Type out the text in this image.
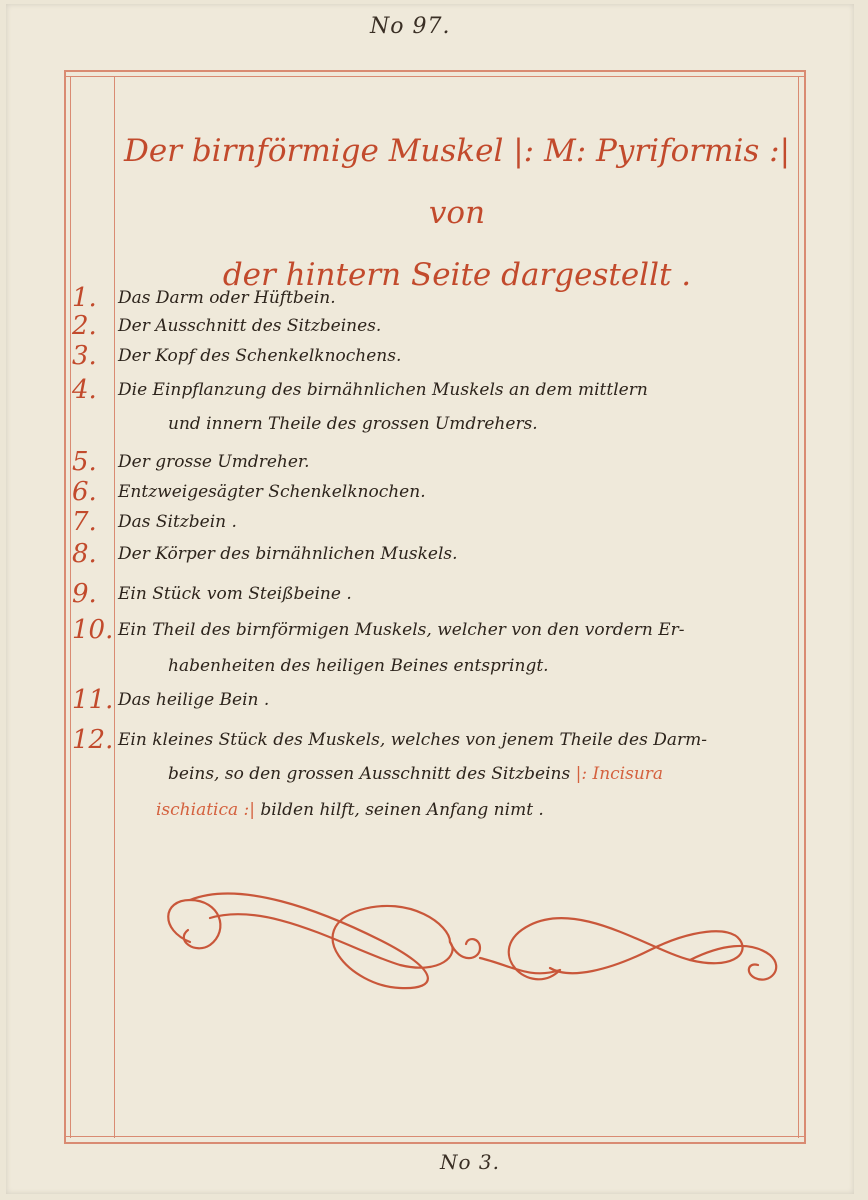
No 97.
Der birnförmige Muskel |: M: Pyriformis :| von
der hintern Seite dargestellt .
1.	Das Darm oder Hüftbein.
2.	Der Ausschnitt des Sitzbeines.
3.	Der Kopf des Schenkelknochens.
4.	Die Einpflanzung des birnähnlichen Muskels an dem mittlern
und innern Theile des grossen Umdrehers.
5.	Der grosse Umdreher.
6.	Entzweigesägter Schenkelknochen.
7.	Das Sitzbein .
8.	Der Körper des birnähnlichen Muskels.
9.	Ein Stück vom Steißbeine .
10. Ein Theil des birnförmigen Muskels, welcher von den vordern Er-
habenheiten des heiligen Beines entspringt.
11. Das heilige Bein .
12. Ein kleines Stück des Muskels, welches von jenem Theile des Darm-
beins, so den grossen Ausschnitt des Sitzbeins |: Incisura
ischiatica :| bilden hilft, seinen Anfang nimt .
No 3.
